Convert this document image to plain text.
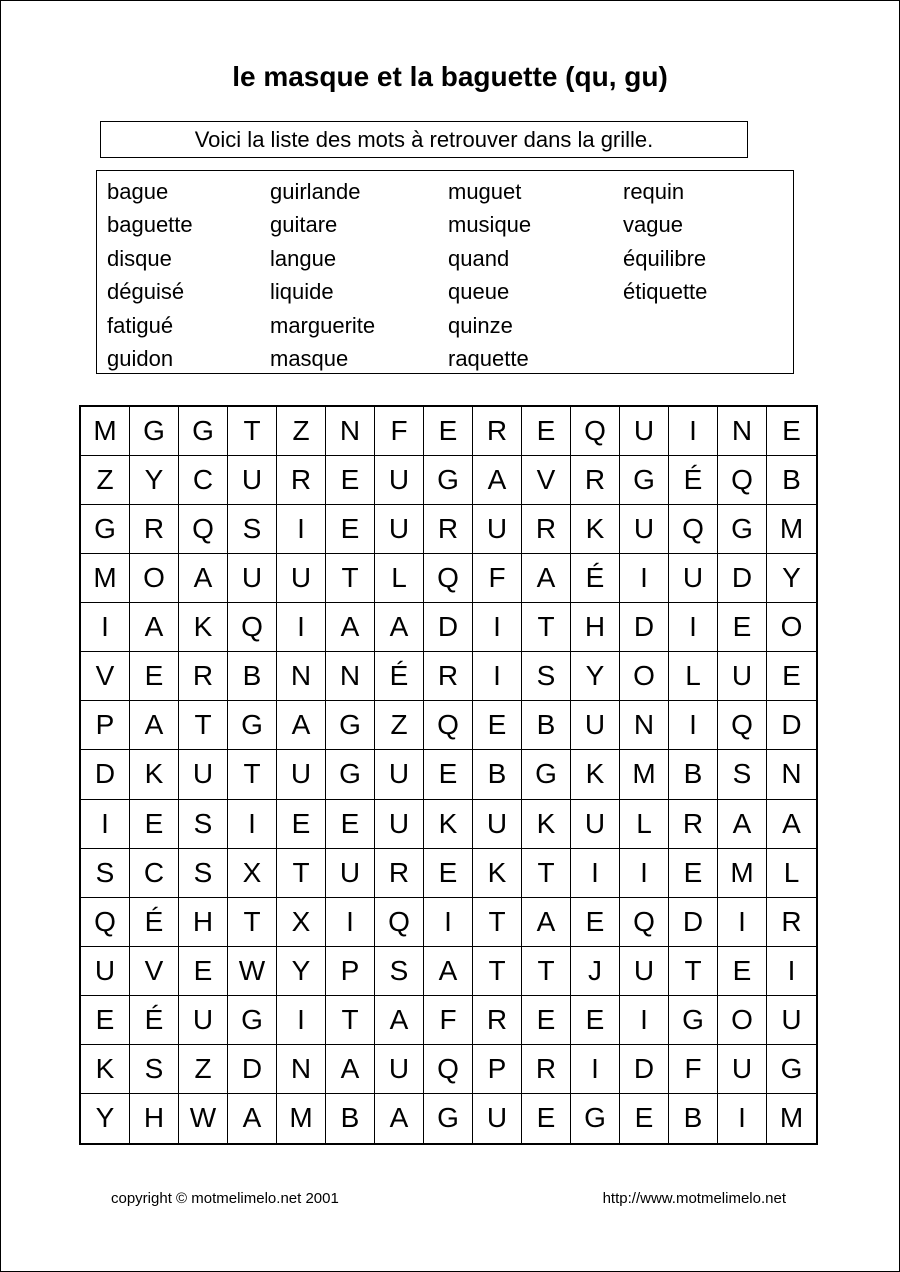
le masque et la baguette (qu, gu)
Voici la liste des mots à retrouver dans la grille.
bague
baguette
disque
déguisé
fatigué
guidon
guirlande
guitare
langue
liquide
marguerite
masque
muguet
musique
quand
queue
quinze
raquette
requin
vague
équilibre
étiquette
M G G	T	Z	N	F	E	R	E	Q U	I	N	E
Z	Y	C	U	R	E	U	G	A	V	R	G	É	Q	B
G R	Q	S	I	E	U	R	U	R	K	U	Q G M
M O	A	U	U	T	L	Q	F	A	É	I	U	D	Y
I	A	K	Q	I	A	A	D	I	T	H	D	I	E	O
V	E	R	B	N	N	É	R	I	S	Y	O	L	U	E
P	A	T	G	A	G	Z	Q	E	B	U	N	I	Q	D
D	K	U	T	U	G U	E	B	G	K M	B	S	N
I	E	S	I	E	E	U	K	U	K	U	L	R	A	A
S	C	S	X	T	U	R	E	K	T	I	I	E M	L
Q	É	H	T	X	I	Q	I	T	A	E	Q D	I	R
U	V	E W Y	P	S	A	T	T	J	U	T	E	I
E	É	U	G	I	T	A	F	R	E	E	I	G O	U
K	S	Z	D	N	A	U	Q	P	R	I	D	F	U	G
Y	H W A M	B	A	G U	E	G	E	B	I	M
copyright © motmelimelo.net 2001	http://www.motmelimelo.net
